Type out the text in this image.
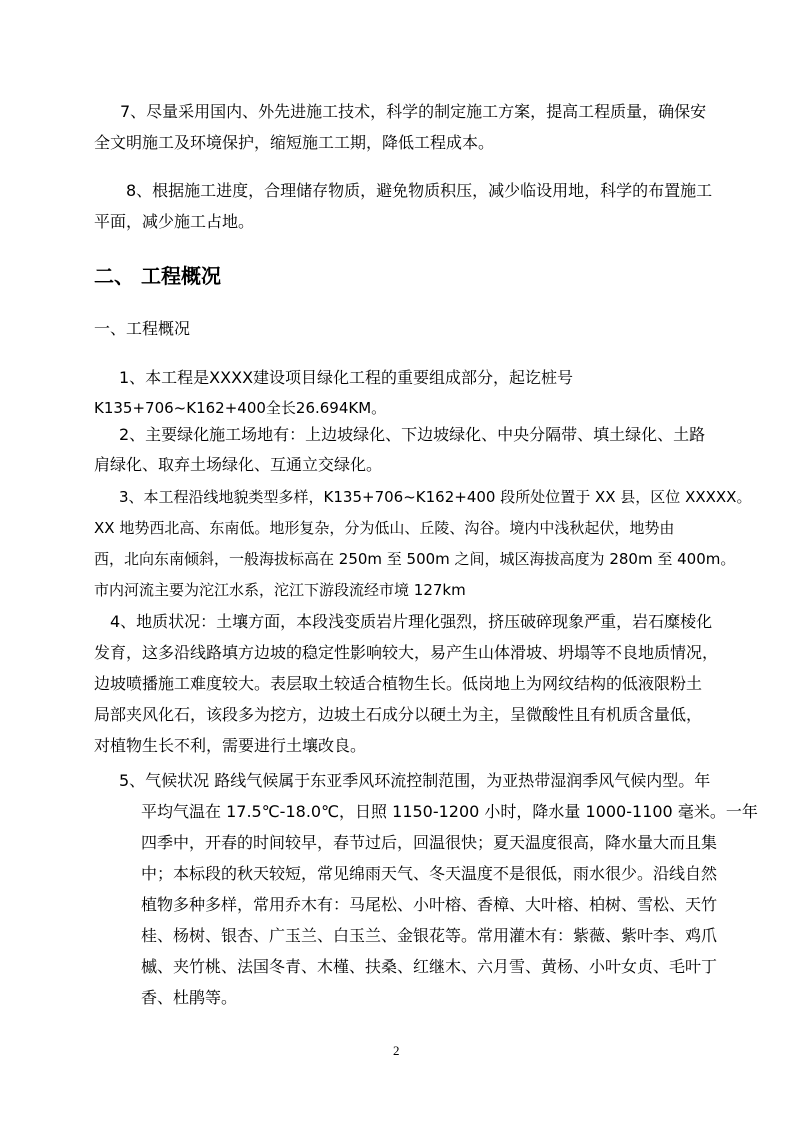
7、尽量采用国内、外先进施工技术，科学的制定施工方案，提高工程质量，确保安

全文明施工及环境保护，缩短施工工期，降低工程成本。

8、根据施工进度，合理储存物质，避免物质积压，减少临设用地，科学的布置施工

平面，减少施工占地。

二、 工程概况

一、工程概况

1、本工程是XXXX建设项目绿化工程的重要组成部分，起讫桩号

K135+706~K162+400全长26.694KM。

2、主要绿化施工场地有：上边坡绿化、下边坡绿化、中央分隔带、填土绿化、土路

肩绿化、取弃土场绿化、互通立交绿化。

3、本工程沿线地貌类型多样，K135+706~K162+400 段所处位置于 XX 县，区位 XXXXX。

XX 地势西北高、东南低。地形复杂，分为低山、丘陵、沟谷。境内中浅秋起伏，地势由

西，北向东南倾斜，一般海拔标高在 250m 至 500m 之间，城区海拔高度为 280m 至 400m。

市内河流主要为沱江水系，沱江下游段流经市境 127km

4、地质状况：土壤方面，本段浅变质岩片理化强烈，挤压破碎现象严重，岩石糜棱化

发育，这多沿线路填方边坡的稳定性影响较大，易产生山体滑坡、坍塌等不良地质情况，

边坡喷播施工难度较大。表层取土较适合植物生长。低岗地上为网纹结构的低液限粉土

局部夹风化石，该段多为挖方，边坡土石成分以硬土为主，呈微酸性且有机质含量低，

对植物生长不利，需要进行土壤改良。

5、气候状况 路线气候属于东亚季风环流控制范围，为亚热带湿润季风气候内型。年

平均气温在 17.5℃-18.0℃，日照 1150-1200 小时，降水量 1000-1100 毫米。一年

四季中，开春的时间较早，春节过后，回温很快；夏天温度很高，降水量大而且集

中；本标段的秋天较短，常见绵雨天气、冬天温度不是很低，雨水很少。沿线自然

植物多种多样，常用乔木有：马尾松、小叶榕、香樟、大叶榕、柏树、雪松、天竹

桂、杨树、银杏、广玉兰、白玉兰、金银花等。常用灌木有：紫薇、紫叶李、鸡爪

槭、夹竹桃、法国冬青、木槿、扶桑、红继木、六月雪、黄杨、小叶女贞、毛叶丁

香、杜鹃等。

2
